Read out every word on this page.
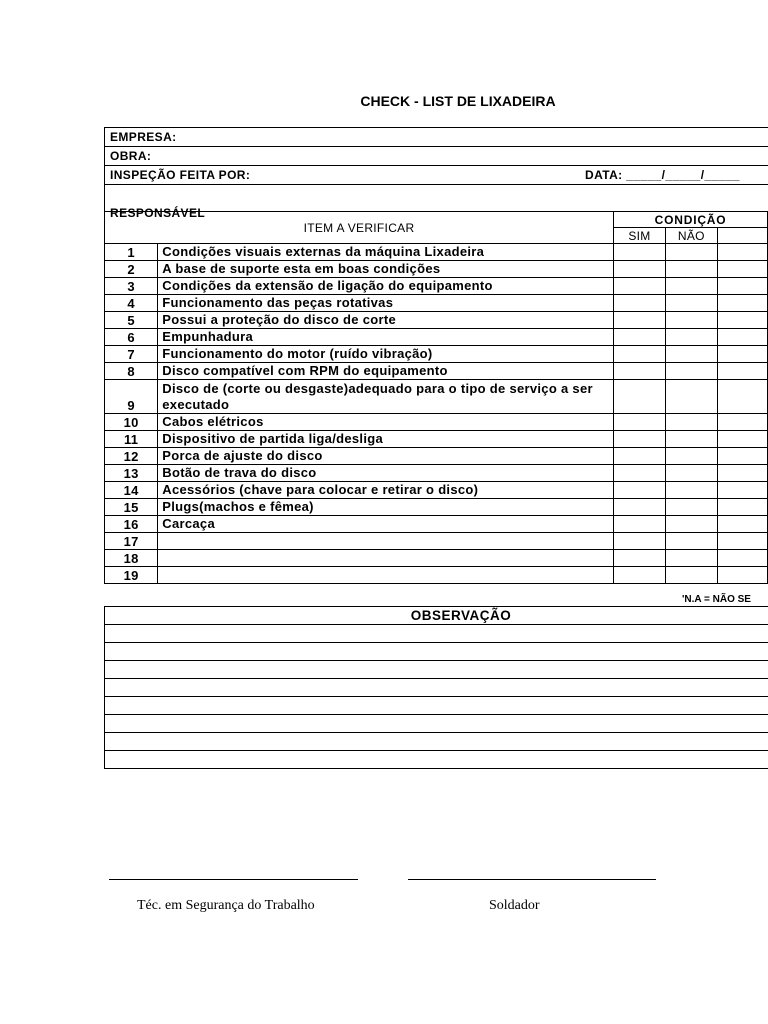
CHECK - LIST DE LIXADEIRA
EMPRESA:
OBRA:
INSPEÇÃO FEITA POR:	DATA: _____/_____/_____
RESPONSÁVEL
ITEM A VERIFICAR		CONDIÇÃO		
		SIM	NÃO	
1	Condições visuais externas da máquina Lixadeira			
2	A base de suporte esta em boas condições			
3	Condições da extensão de ligação do equipamento			
4	Funcionamento das peças rotativas			
5	Possui a proteção do disco de corte			
6	Empunhadura			
7	Funcionamento do motor (ruído vibração)			
8	Disco compatível com RPM do equipamento			
9	Disco de (corte ou desgaste)adequado para o tipo de serviço a ser executado			
10	Cabos elétricos			
11	Dispositivo de partida liga/desliga			
12	Porca de ajuste do disco			
13	Botão de trava do disco			
14	Acessórios (chave para colocar e retirar o disco)			
15	Plugs(machos e fêmea)			
16	Carcaça			
17				
18				
19				
'N.A = NÃO SE
OBSERVAÇÃO
Téc. em Segurança do Trabalho	Soldador
